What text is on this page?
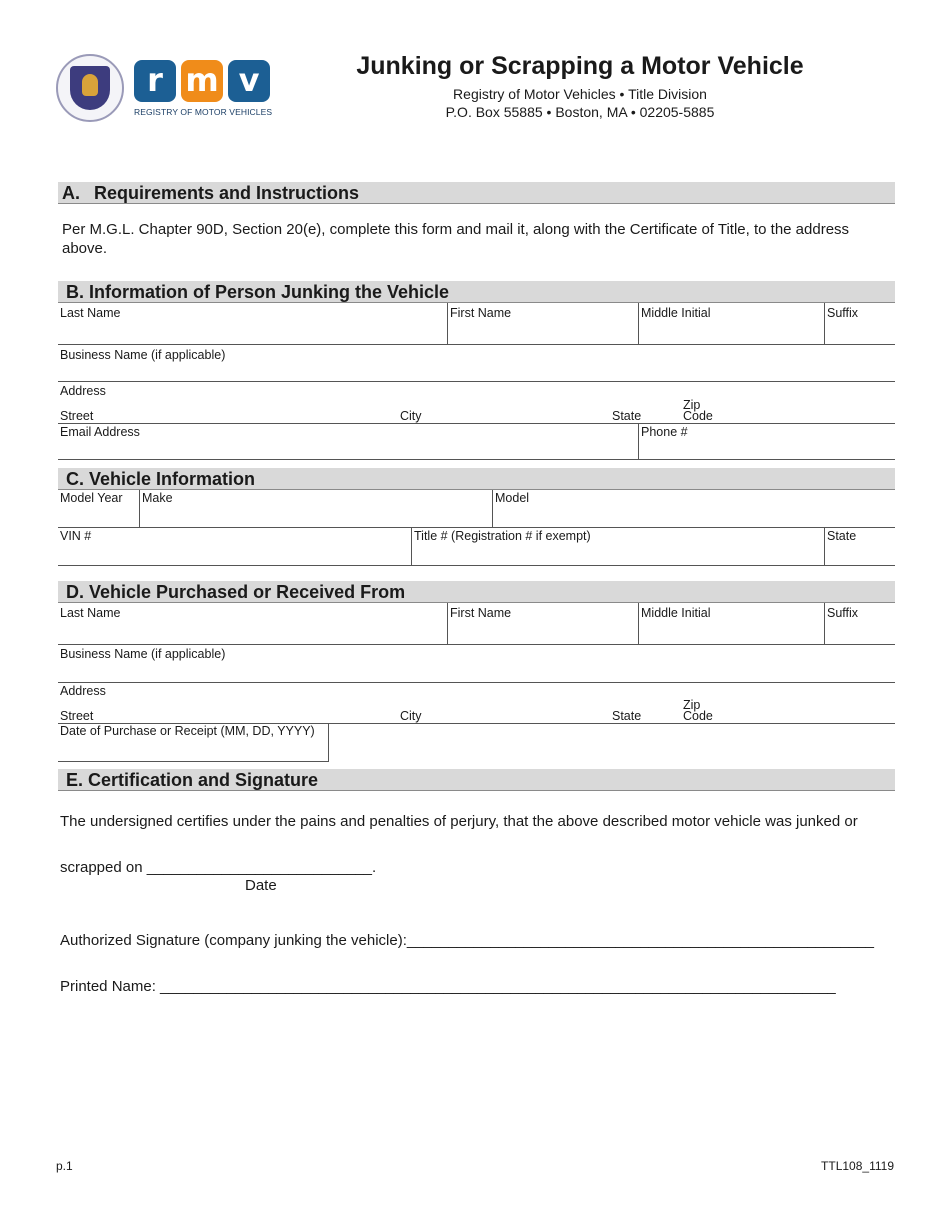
r m v
REGISTRY OF MOTOR VEHICLES
Junking or Scrapping a Motor Vehicle
Registry of Motor Vehicles • Title Division
P.O. Box 55885 • Boston, MA • 02205-5885
A.  Requirements and Instructions
Per M.G.L. Chapter 90D, Section 20(e), complete this form and mail it, along with the Certificate of Title, to the address above.
B. Information of Person Junking the Vehicle
Last Name	First Name	Middle Initial	Suffix
Business Name (if applicable)
Address
Street	City	State
Zip
Code
Email Address	Phone #
C. Vehicle Information
Model Year Make	Model
VIN #	Title # (Registration # if exempt)	State
D. Vehicle Purchased or Received From
Last Name	First Name	Middle Initial	Suffix
Business Name (if applicable)
Address
Street	City	State
Zip
Code
Date of Purchase or Receipt (MM, DD, YYYY)
E. Certification and Signature
The undersigned certifies under the pains and penalties of perjury, that the above described motor vehicle was junked or
scrapped on ___________________________.
Date
Authorized Signature (company junking the vehicle):________________________________________________________
Printed Name: _________________________________________________________________________________
p.1	TTL108_1119
